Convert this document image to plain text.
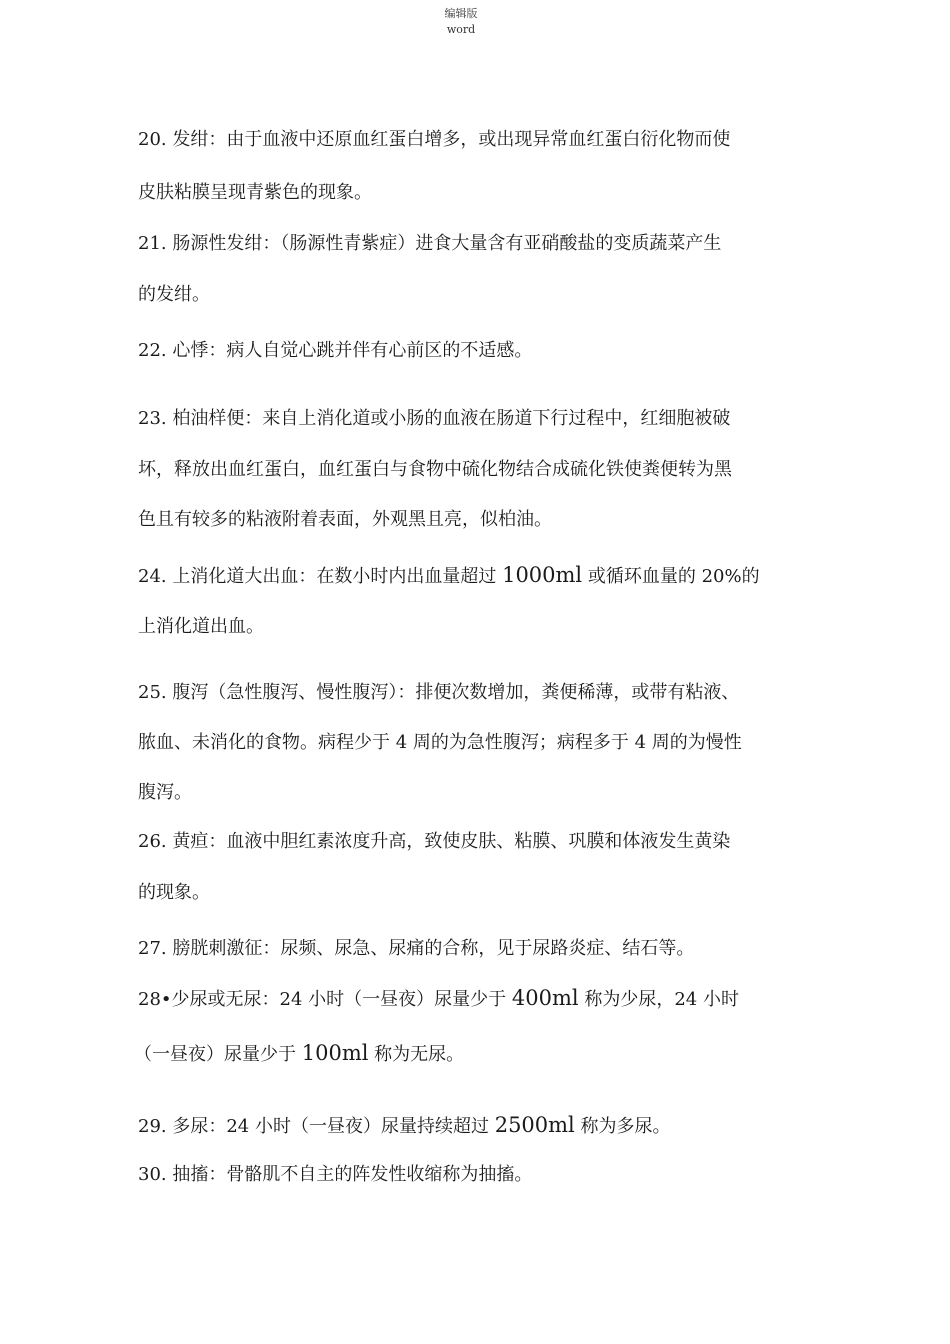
编辑版
word
20. 发绀：由于血液中还原血红蛋白增多，或出现异常血红蛋白衍化物而使
皮肤粘膜呈现青紫色的现象。
21. 肠源性发绀：（肠源性青紫症）进食大量含有亚硝酸盐的变质蔬菜产生
的发绀。
22. 心悸：病人自觉心跳并伴有心前区的不适感。
23. 柏油样便：来自上消化道或小肠的血液在肠道下行过程中，红细胞被破
坏，释放出血红蛋白，血红蛋白与食物中硫化物结合成硫化铁使粪便转为黑
色且有较多的粘液附着表面，外观黑且亮，似柏油。
24. 上消化道大出血：在数小时内出血量超过 1000ml 或循环血量的 20%的
上消化道出血。
25. 腹泻（急性腹泻、慢性腹泻）：排便次数增加，粪便稀薄，或带有粘液、
脓血、未消化的食物。病程少于 4 周的为急性腹泻；病程多于 4 周的为慢性
腹泻。
26. 黄疸：血液中胆红素浓度升高，致使皮肤、粘膜、巩膜和体液发生黄染
的现象。
27. 膀胱刺激征：尿频、尿急、尿痛的合称，见于尿路炎症、结石等。
28•少尿或无尿：24 小时（一昼夜）尿量少于 400ml 称为少尿，24 小时
（一昼夜）尿量少于 100ml 称为无尿。
29. 多尿：24 小时（一昼夜）尿量持续超过 2500ml 称为多尿。
30. 抽搐：骨骼肌不自主的阵发性收缩称为抽搐。
